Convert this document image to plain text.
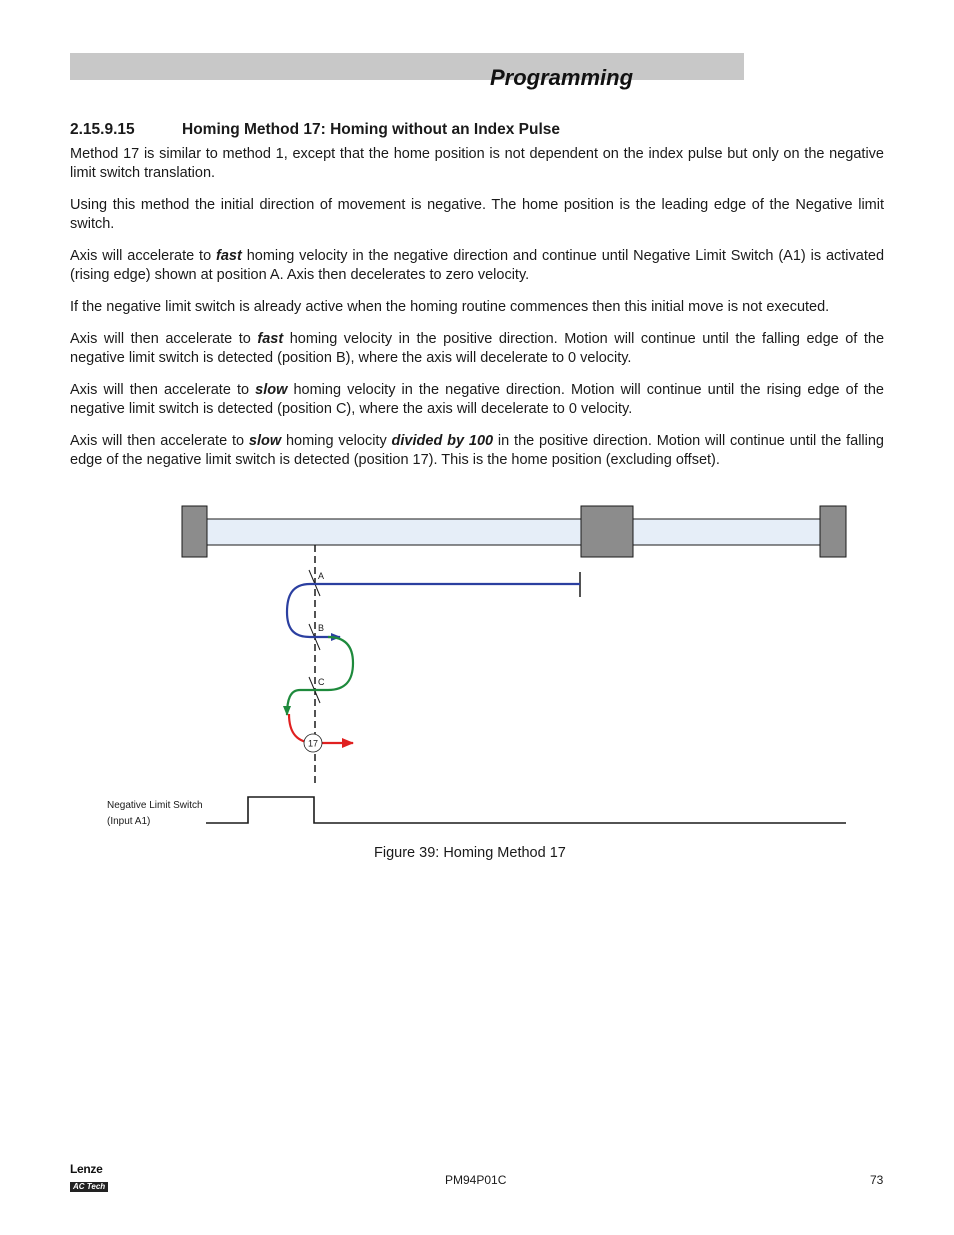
Programming
2.15.9.15	Homing Method 17: Homing without an Index Pulse

Method 17 is similar to method 1, except that the home position is not dependent on the index pulse but only on the negative limit switch translation.

Using this method the initial direction of movement is negative. The home position is the leading edge of the Negative limit switch.

Axis will accelerate to fast homing velocity in the negative direction and continue until Negative Limit Switch (A1) is activated (rising edge) shown at position A. Axis then decelerates to zero velocity.

If the negative limit switch is already active when the homing routine commences then this initial move is not executed.

Axis will then accelerate to fast homing velocity in the positive direction. Motion will continue until the falling edge of the negative limit switch is detected (position B), where the axis will decelerate to 0 velocity.

Axis will then accelerate to slow homing velocity in the negative direction. Motion will continue until the rising edge of the negative limit switch is detected (position C), where the axis will decelerate to 0 velocity.

Axis will then accelerate to slow homing velocity divided by 100 in the positive direction. Motion will continue until the falling edge of the negative limit switch is detected (position 17). This is the home position (excluding offset).

A
B
C
17
Negative Limit Switch
(Input A1)
Figure 39: Homing Method 17
Lenze
AC Tech	PM94P01C	73
